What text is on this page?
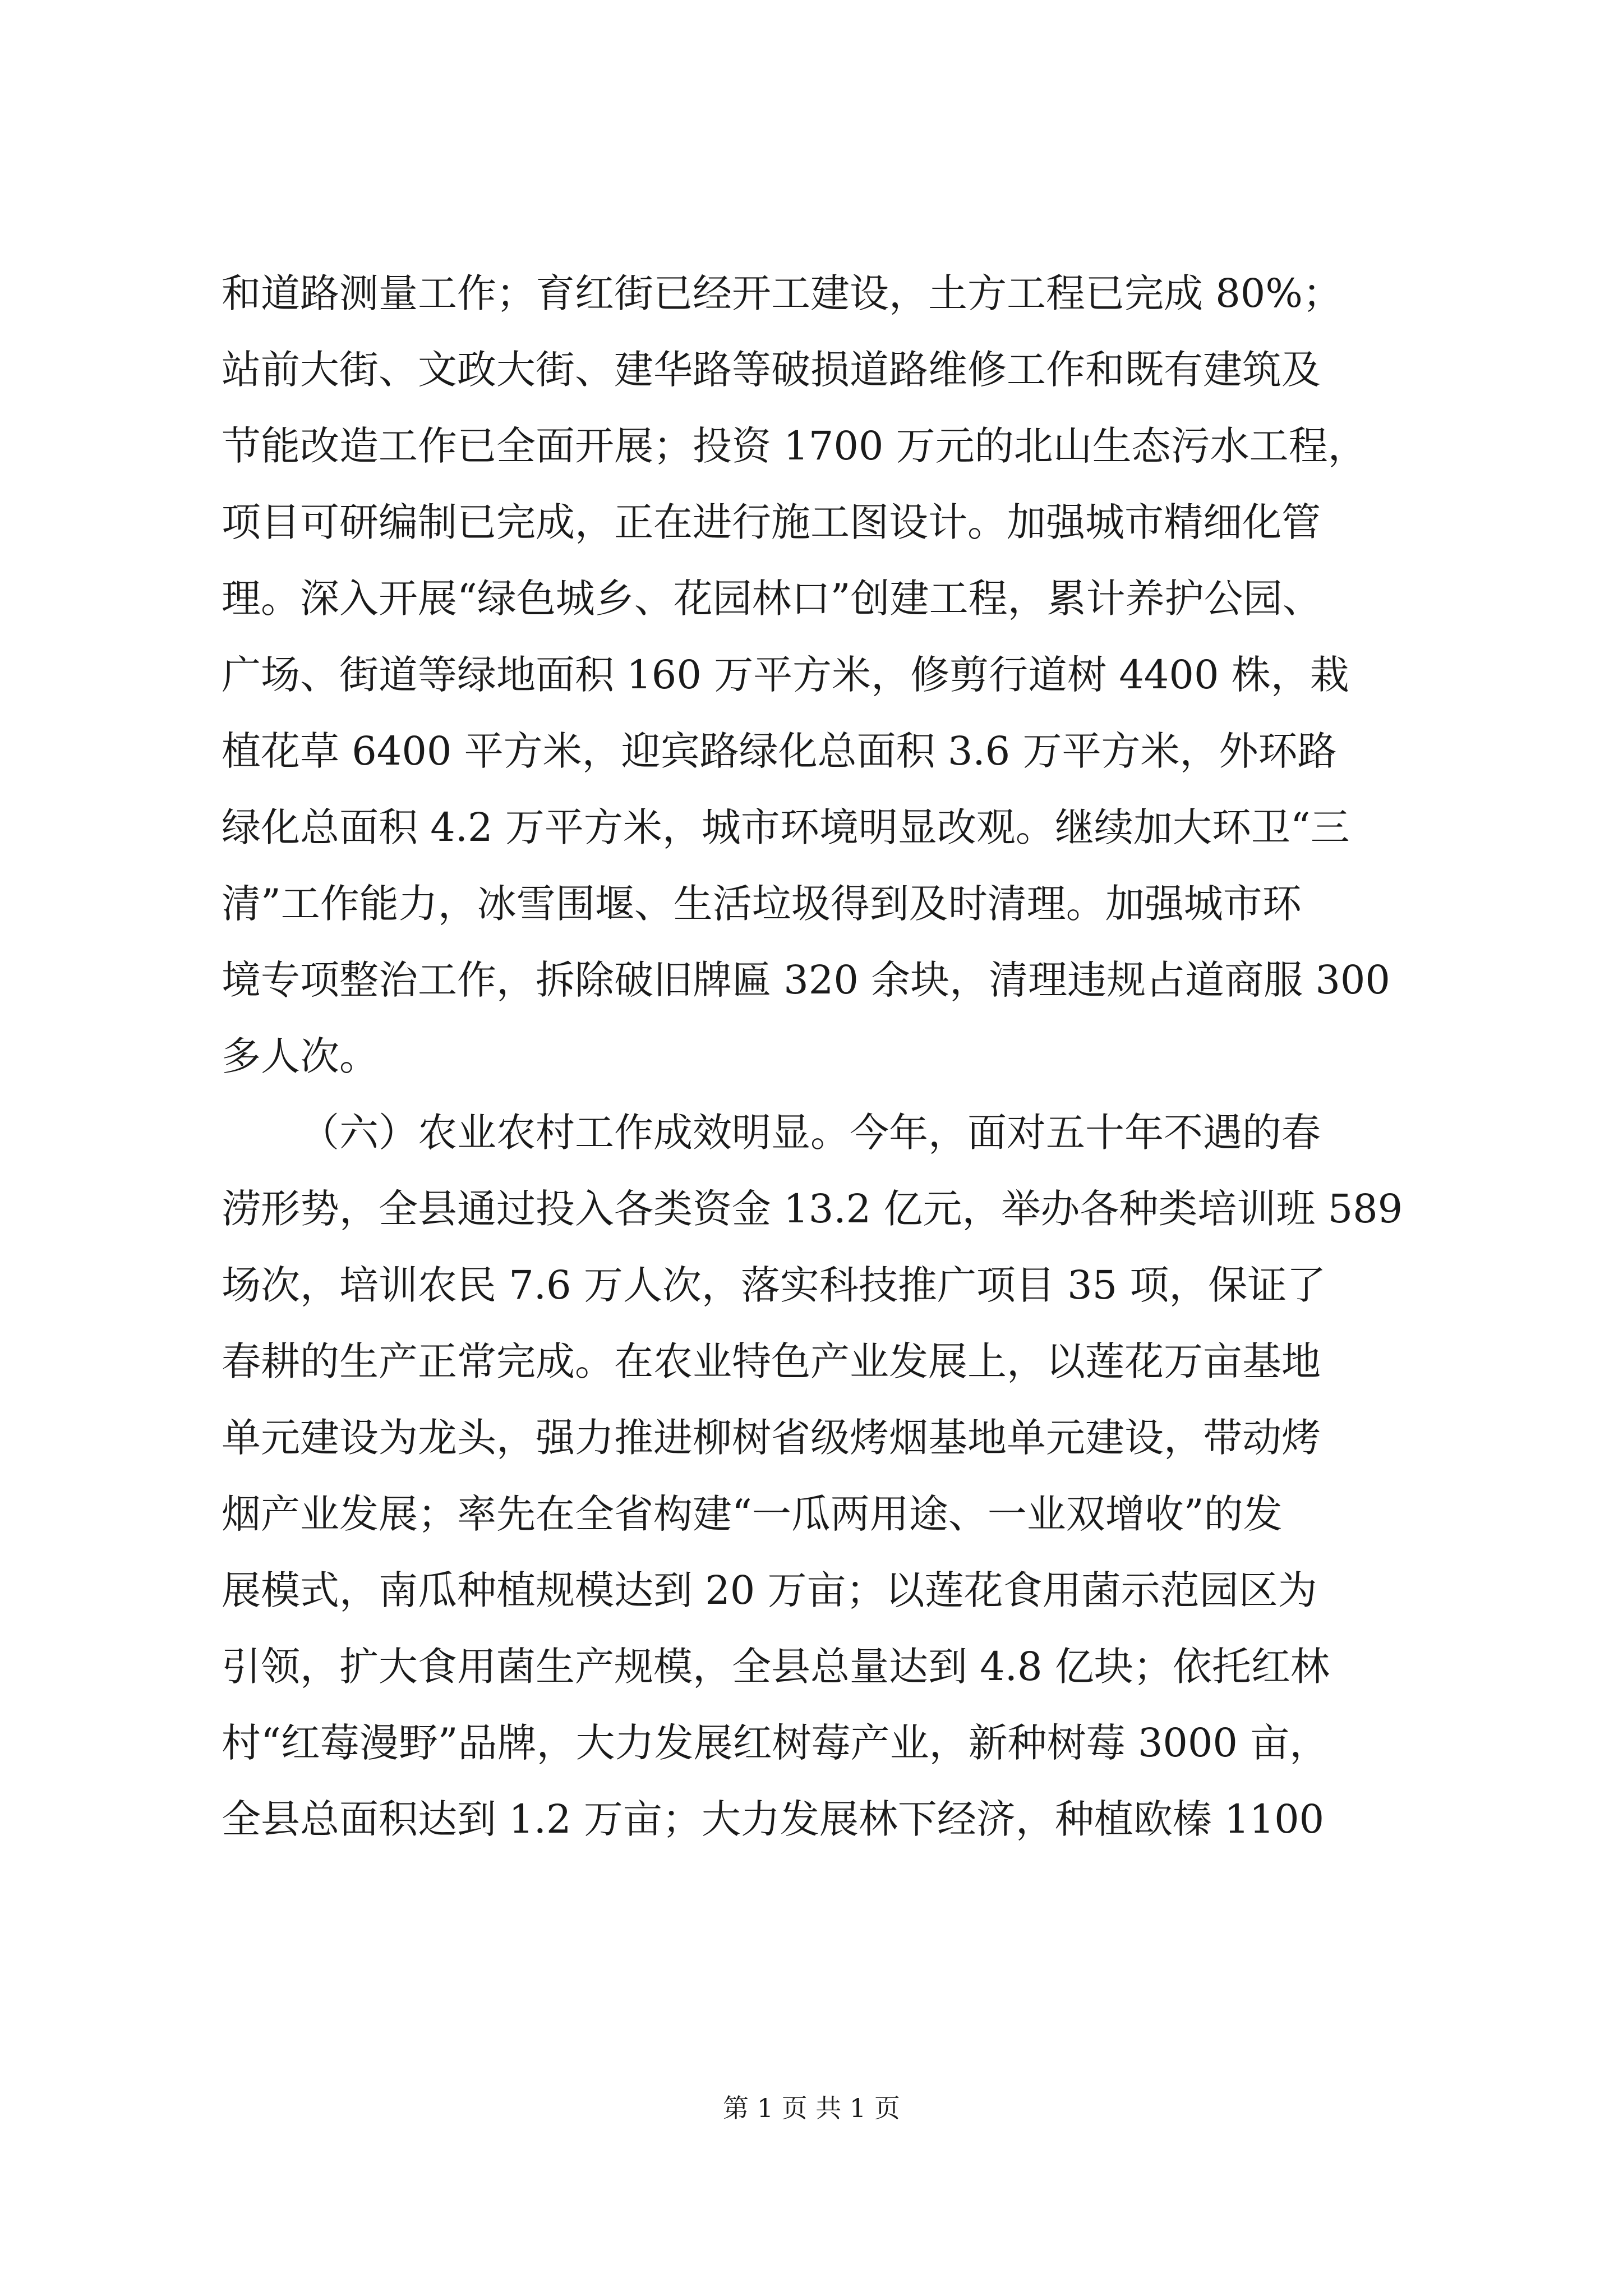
和道路测量工作；育红街已经开工建设，土方工程已完成 80%；
站前大街、文政大街、建华路等破损道路维修工作和既有建筑及
节能改造工作已全面开展；投资 1700 万元的北山生态污水工程，
项目可研编制已完成，正在进行施工图设计。加强城市精细化管
理。深入开展“绿色城乡、花园林口”创建工程，累计养护公园、
广场、街道等绿地面积 160 万平方米，修剪行道树 4400 株，栽
植花草 6400 平方米，迎宾路绿化总面积 3.6 万平方米，外环路
绿化总面积 4.2 万平方米，城市环境明显改观。继续加大环卫“三
清”工作能力，冰雪围堰、生活垃圾得到及时清理。加强城市环
境专项整治工作，拆除破旧牌匾 320 余块，清理违规占道商服 300
多人次。
（六）农业农村工作成效明显。今年，面对五十年不遇的春
涝形势，全县通过投入各类资金 13.2 亿元，举办各种类培训班 589
场次，培训农民 7.6 万人次，落实科技推广项目 35 项，保证了
春耕的生产正常完成。在农业特色产业发展上，以莲花万亩基地
单元建设为龙头，强力推进柳树省级烤烟基地单元建设，带动烤
烟产业发展；率先在全省构建“一瓜两用途、一业双增收”的发
展模式，南瓜种植规模达到 20 万亩；以莲花食用菌示范园区为
引领，扩大食用菌生产规模，全县总量达到 4.8 亿块；依托红林
村“红莓漫野”品牌，大力发展红树莓产业，新种树莓 3000 亩，
全县总面积达到 1.2 万亩；大力发展林下经济，种植欧榛 1100
第 1 页 共 1 页
